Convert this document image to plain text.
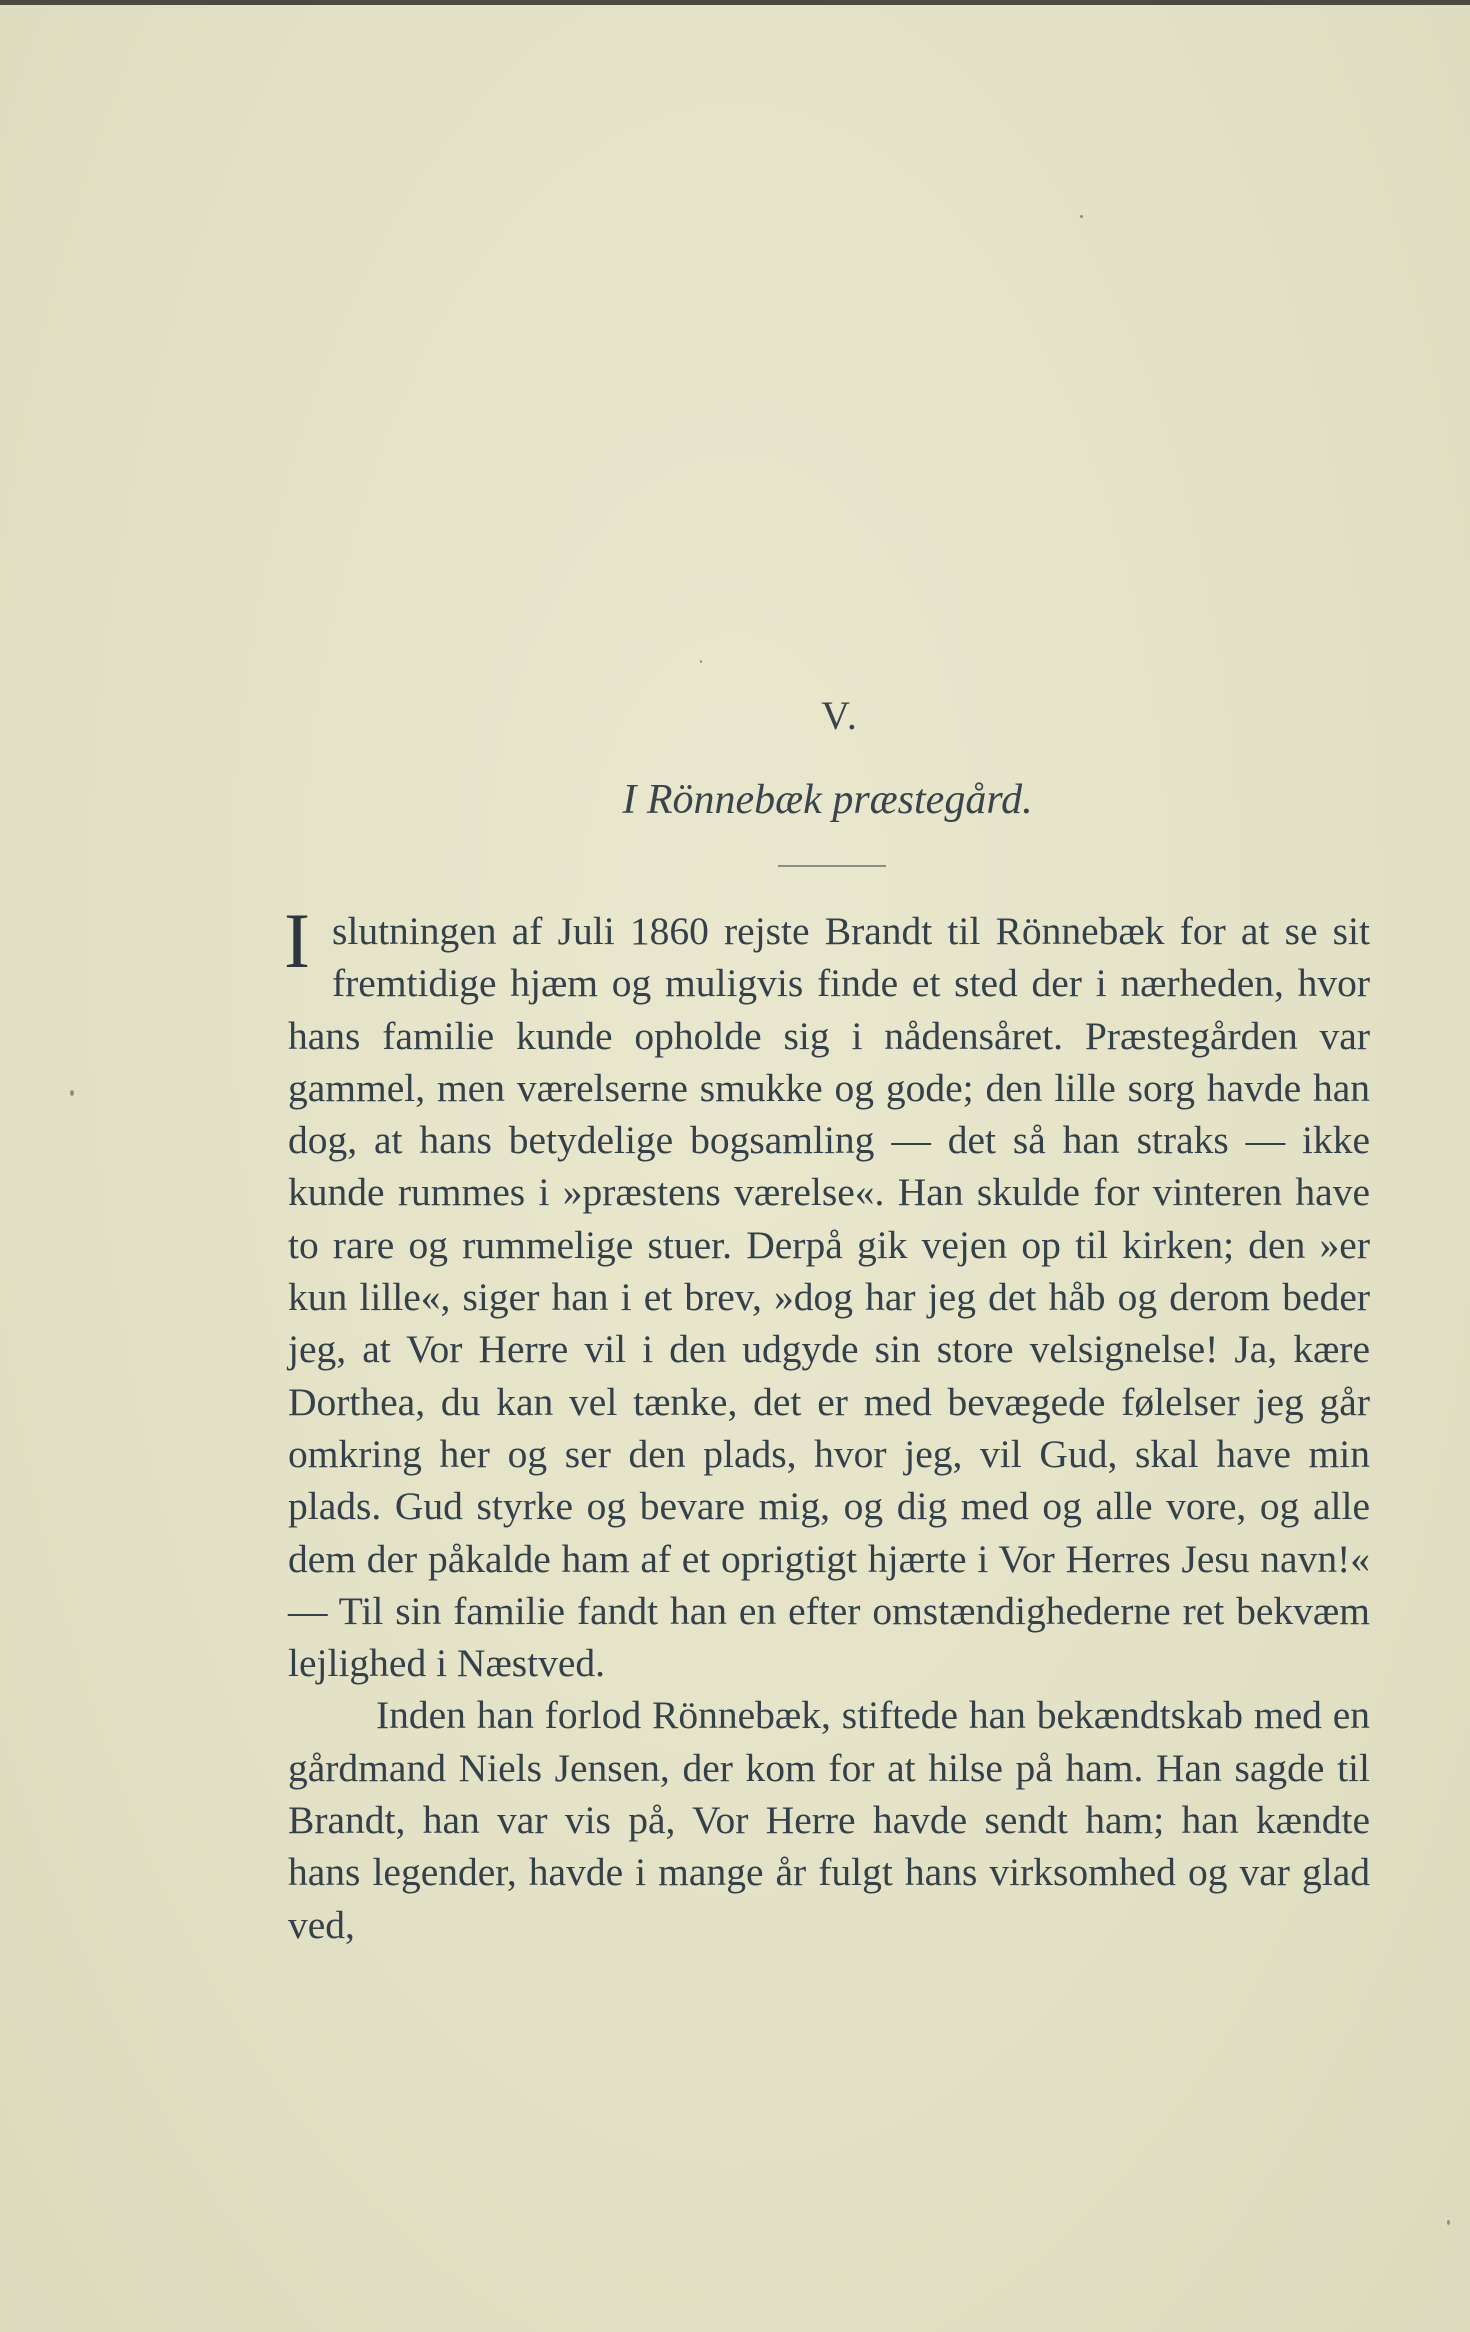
V.
I Rönnebæk præstegård.

Islutningen af Juli 1860 rejste Brandt til Rönnebæk for at se sit fremtidige hjæm og muligvis finde et sted der i nærheden, hvor hans familie kunde opholde sig i nådensåret. Præstegården var gammel, men værelserne smukke og gode; den lille sorg havde han dog, at hans betydelige bogsamling — det så han straks — ikke kunde rummes i »præstens værelse«. Han skulde for vinteren have to rare og rummelige stuer. Derpå gik vejen op til kirken; den »er kun lille«, siger han i et brev, »dog har jeg det håb og derom beder jeg, at Vor Herre vil i den udgyde sin store velsignelse! Ja, kære Dorthea, du kan vel tænke, det er med bevægede følelser jeg går omkring her og ser den plads, hvor jeg, vil Gud, skal have min plads. Gud styrke og bevare mig, og dig med og alle vore, og alle dem der påkalde ham af et oprigtigt hjærte i Vor Herres Jesu navn!« — Til sin familie fandt han en efter omstændighederne ret bekvæm lejlighed i Næstved.

Inden han forlod Rönnebæk, stiftede han bekændtskab med en gårdmand Niels Jensen, der kom for at hilse på ham. Han sagde til Brandt, han var vis på, Vor Herre havde sendt ham; han kændte hans legender, havde i mange år fulgt hans virksomhed og var glad ved,
